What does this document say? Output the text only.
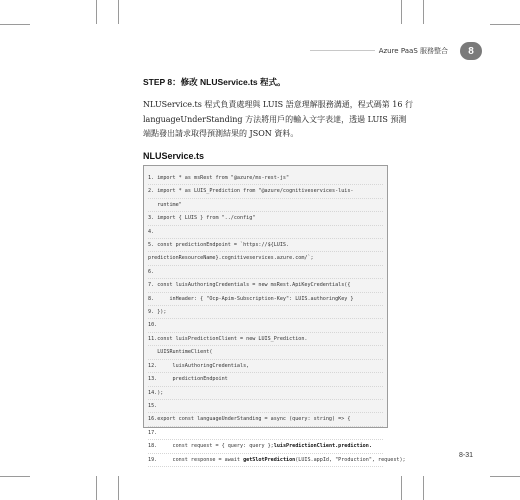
Azure PaaS 服務整合	8
STEP 8：修改 NLUService.ts 程式。

NLUService.ts 程式負責處理與 LUIS 語意理解服務溝通，程式碼第 16 行 languageUnderStanding 方法將用戶的輸入文字表達，透過 LUIS 預測端點發出請求取得預測結果的 JSON 資料。

NLUService.ts
1. import * as msRest from "@azure/ms-rest-js"
2. import * as LUIS_Prediction from "@azure/cognitiveservices-luis-
runtime"
3. import { LUIS } from "../config"
4.
5. const predictionEndpoint = `https://${LUIS.
predictionResourceName}.cognitiveservices.azure.com/`;
6.
7. const luisAuthoringCredentials = new msRest.ApiKeyCredentials({
8.     inHeader: { "Ocp-Apim-Subscription-Key": LUIS.authoringKey }
9. });
10.
11.const luisPredictionClient = new LUIS_Prediction.
LUISRuntimeClient(
12.     luisAuthoringCredentials,
13.     predictionEndpoint
14.);
15.
16.export const languageUnderStanding = async (query: string) => {
17.
18.     const request = { query: query };luisPredictionClient.prediction.
19.     const response = await getSlotPrediction(LUIS.appId, "Production", request);

8-31
